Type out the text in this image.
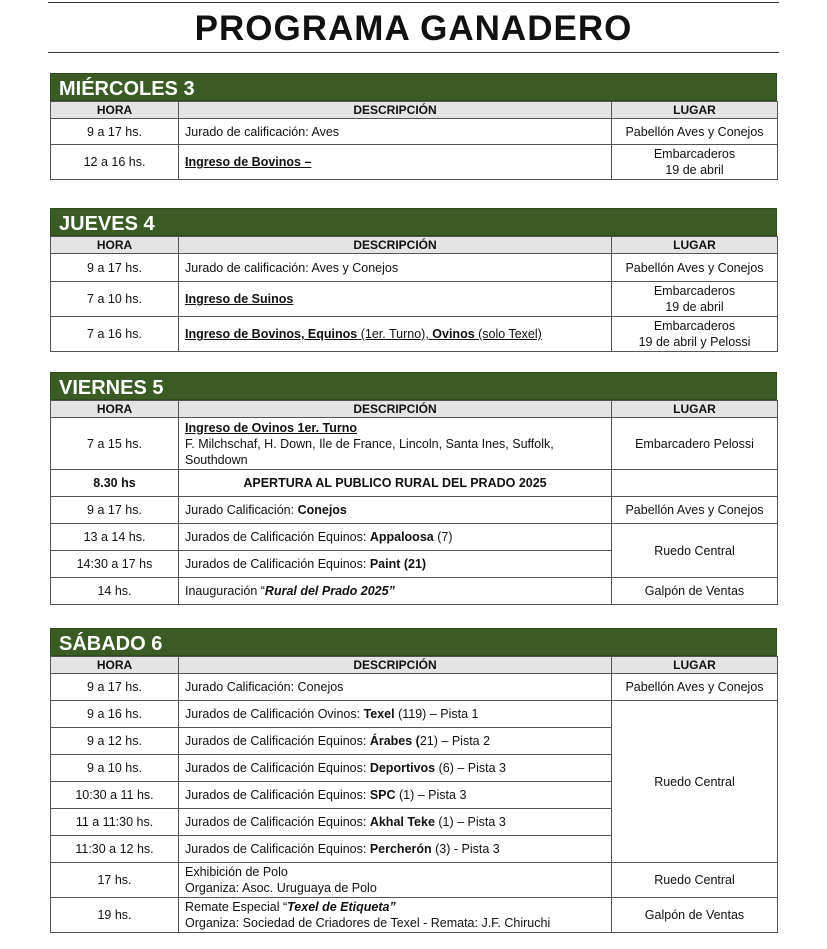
PROGRAMA GANADERO
MIÉRCOLES 3
HORA	DESCRIPCIÓN	LUGAR
9 a 17 hs.	Jurado de calificación: Aves	Pabellón Aves y Conejos
12 a 16 hs.	Ingreso de Bovinos –	Embarcaderos
19 de abril
JUEVES 4
HORA	DESCRIPCIÓN	LUGAR
9 a 17 hs.	Jurado de calificación: Aves y Conejos	Pabellón Aves y Conejos
7 a 10 hs.	Ingreso de Suinos	Embarcaderos
19 de abril

7 a 16 hs.	Ingreso de Bovinos, Equinos (1er. Turno), Ovinos (solo Texel)	Embarcaderos
19 de abril y Pelossi
VIERNES 5
HORA	DESCRIPCIÓN	LUGAR
7 a 15 hs.	Ingreso de Ovinos 1er. Turno
F. Milchschaf, H. Down, Ile de France, Lincoln, Santa Ines, Suffolk, Southdown	Embarcadero Pelossi
8.30 hs	APERTURA AL PUBLICO RURAL DEL PRADO 2025	
9 a 17 hs.	Jurado Calificación: Conejos	Pabellón Aves y Conejos
13 a 14 hs.	Jurados de Calificación Equinos: Appaloosa (7)	Ruedo Central
14:30 a 17 hs	Jurados de Calificación Equinos: Paint (21)	
14 hs.	Inauguración “Rural del Prado 2025”	Galpón de Ventas
SÁBADO 6
HORA	DESCRIPCIÓN	LUGAR
9 a 17 hs.	Jurado Calificación: Conejos	Pabellón Aves y Conejos
9 a 16 hs.	Jurados de Calificación Ovinos: Texel (119) – Pista 1	Ruedo Central
9 a 12 hs.	Jurados de Calificación Equinos: Árabes (21) – Pista 2	
9 a 10 hs.	Jurados de Calificación Equinos: Deportivos (6) – Pista 3	
10:30 a 11 hs.	Jurados de Calificación Equinos: SPC (1) – Pista 3	
11 a 11:30 hs.	Jurados de Calificación Equinos: Akhal Teke (1) – Pista 3	
11:30 a 12 hs.	Jurados de Calificación Equinos: Percherón (3) - Pista 3	
17 hs.	Exhibición de Polo
Organiza: Asoc. Uruguaya de Polo	Ruedo Central
19 hs.	Remate Especial “Texel de Etiqueta”
Organiza: Sociedad de Criadores de Texel - Remata: J.F. Chiruchi	Galpón de Ventas
